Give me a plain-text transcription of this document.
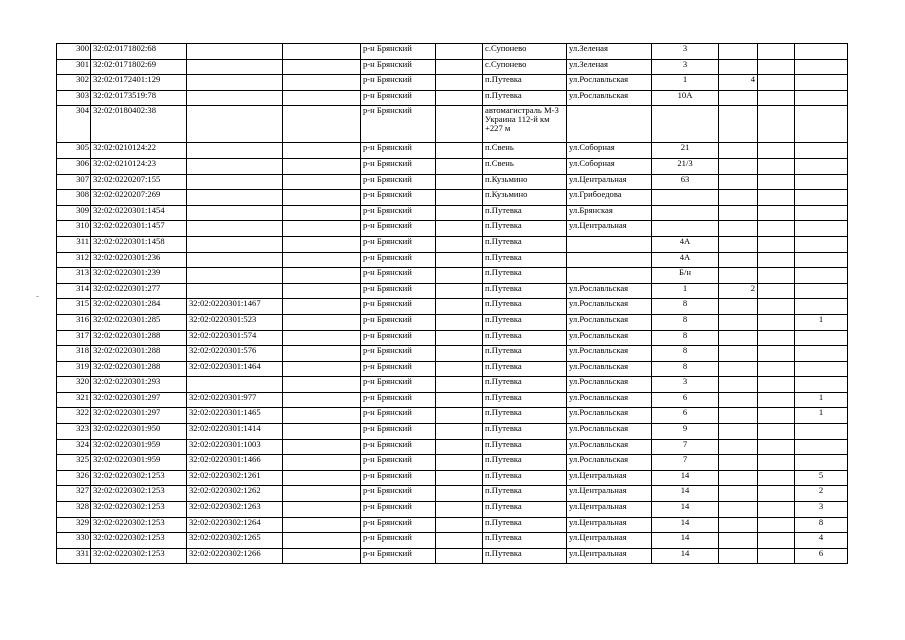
300	32:02:0171802:68			р-н Брянский		с.Супонево	ул.Зеленая	3			
301	32:02:0171802:69			р-н Брянский		с.Супонево	ул.Зеленая	3			
302	32:02:0172401:129			р-н Брянский		п.Путевка	ул.Рославльская	1	4		
303	32:02:0173519:78			р-н Брянский		п.Путевка	ул.Рославльская	10А			
304	32:02:0180402:38			р-н Брянский		автомагистраль М-3 Украина 112-й км +227 м					
305	32:02:0210124:22			р-н Брянский		п.Свень	ул.Соборная	21			
306	32:02:0210124:23			р-н Брянский		п.Свень	ул.Соборная	21/3			
307	32:02:0220207:155			р-н Брянский		п.Кузьмино	ул.Центральная	63			
308	32:02:0220207:269			р-н Брянский		п.Кузьмино	ул.Грибоедова				
309	32:02:0220301:1454			р-н Брянский		п.Путевка	ул.Брянская				
310	32:02:0220301:1457			р-н Брянский		п.Путевка	ул.Центральная				
311	32:02:0220301:1458			р-н Брянский		п.Путевка		4А			
312	32:02:0220301:236			р-н Брянский		п.Путевка		4А			
313	32:02:0220301:239			р-н Брянский		п.Путевка		Б/н			
314	32:02:0220301:277			р-н Брянский		п.Путевка	ул.Рославльская	1	2		
315	32:02:0220301:284	32:02:0220301:1467		р-н Брянский		п.Путевка	ул.Рославльская	8			
316	32:02:0220301:285	32:02:0220301:523		р-н Брянский		п.Путевка	ул.Рославльская	8			1
317	32:02:0220301:288	32:02:0220301:574		р-н Брянский		п.Путевка	ул.Рославльская	8			
318	32:02:0220301:288	32:02:0220301:576		р-н Брянский		п.Путевка	ул.Рославльская	8			
319	32:02:0220301:288	32:02:0220301:1464		р-н Брянский		п.Путевка	ул.Рославльская	8			
320	32:02:0220301:293			р-н Брянский		п.Путевка	ул.Рославльская	3			
321	32:02:0220301:297	32:02:0220301:977		р-н Брянский		п.Путевка	ул.Рославльская	6			1
322	32:02:0220301:297	32:02:0220301:1465		р-н Брянский		п.Путевка	ул.Рославльская	6			1
323	32:02:0220301:950	32:02:0220301:1414		р-н Брянский		п.Путевка	ул.Рославльская	9			
324	32:02:0220301:959	32:02:0220301:1003		р-н Брянский		п.Путевка	ул.Рославльская	7			
325	32:02:0220301:959	32:02:0220301:1466		р-н Брянский		п.Путевка	ул.Рославльская	7			
326	32:02:0220302:1253	32:02:0220302:1261		р-н Брянский		п.Путевка	ул.Центральная	14			5
327	32:02:0220302:1253	32:02:0220302:1262		р-н Брянский		п.Путевка	ул.Центральная	14			2
328	32:02:0220302:1253	32:02:0220302:1263		р-н Брянский		п.Путевка	ул.Центральная	14			3
329	32:02:0220302:1253	32:02:0220302:1264		р-н Брянский		п.Путевка	ул.Центральная	14			8
330	32:02:0220302:1253	32:02:0220302:1265		р-н Брянский		п.Путевка	ул.Центральная	14			4
331	32:02:0220302:1253	32:02:0220302:1266		р-н Брянский		п.Путевка	ул.Центральная	14			6
